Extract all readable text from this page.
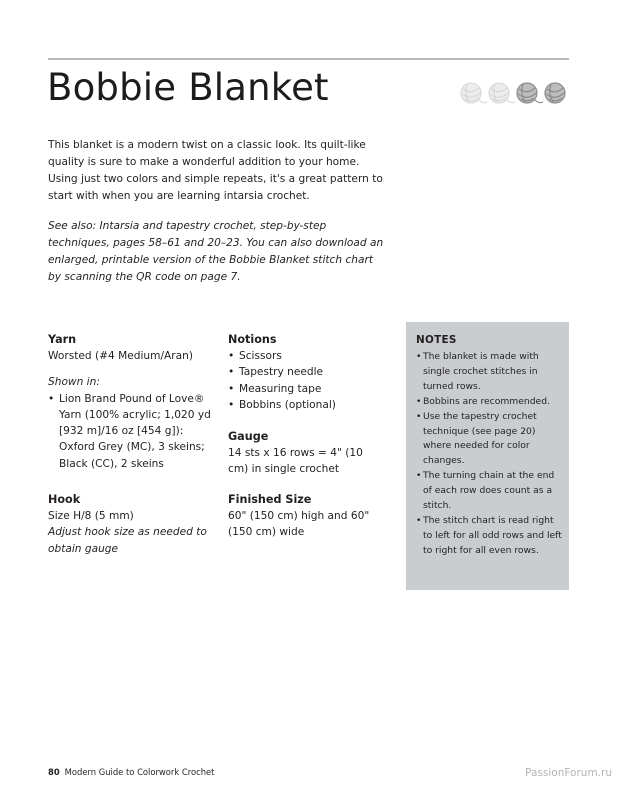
Bobbie Blanket

This blanket is a modern twist on a classic look. Its quilt-like quality is sure to make a wonderful addition to your home. Using just two colors and simple repeats, it's a great pattern to start with when you are learning intarsia crochet.

See also: Intarsia and tapestry crochet, step-by-step techniques, pages 58–61 and 20–23. You can also download an enlarged, printable version of the Bobbie Blanket stitch chart by scanning the QR code on page 7.

Yarn

Worsted (#4 Medium/Aran)

Shown in:

• Lion Brand Pound of Love® Yarn (100% acrylic; 1,020 yd [932 m]/16 oz [454 g]): Oxford Grey (MC), 3 skeins; Black (CC), 2 skeins
Hook

Size H/8 (5 mm)

Adjust hook size as needed to obtain gauge

Notions
• Scissors
• Tapestry needle
• Measuring tape
• Bobbins (optional)
Gauge

14 sts x 16 rows = 4" (10 cm) in single crochet

Finished Size

60" (150 cm) high and 60" (150 cm) wide

NOTES
• The blanket is made with single crochet stitches in turned rows.
• Bobbins are recommended.
• Use the tapestry crochet technique (see page 20) where needed for color changes.
• The turning chain at the end of each row does count as a stitch.
• The stitch chart is read right to left for all odd rows and left to right for all even rows.
80 Modern Guide to Colorwork Crochet	PassionForum.ru
